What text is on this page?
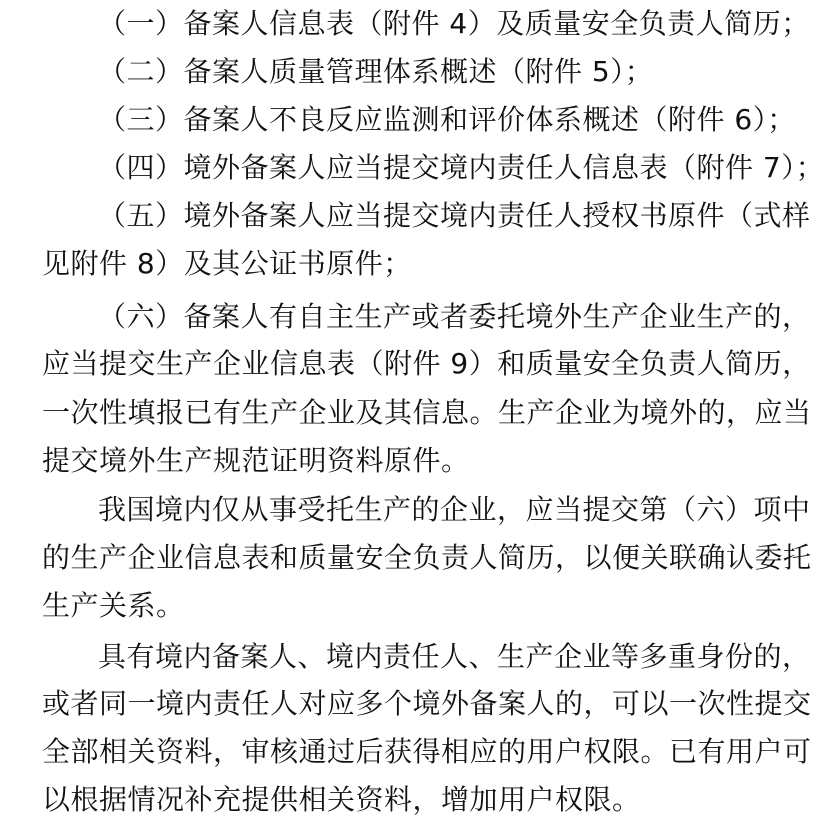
（一）备案人信息表（附件 4）及质量安全负责人简历；
（二）备案人质量管理体系概述（附件 5）；
（三）备案人不良反应监测和评价体系概述（附件 6）；
（四）境外备案人应当提交境内责任人信息表（附件 7）；
（五）境外备案人应当提交境内责任人授权书原件（式样
见附件 8）及其公证书原件；
（六）备案人有自主生产或者委托境外生产企业生产的，
应当提交生产企业信息表（附件 9）和质量安全负责人简历，
一次性填报已有生产企业及其信息。生产企业为境外的，应当
提交境外生产规范证明资料原件。
我国境内仅从事受托生产的企业，应当提交第（六）项中
的生产企业信息表和质量安全负责人简历，以便关联确认委托
生产关系。
具有境内备案人、境内责任人、生产企业等多重身份的，
或者同一境内责任人对应多个境外备案人的，可以一次性提交
全部相关资料，审核通过后获得相应的用户权限。已有用户可
以根据情况补充提供相关资料，增加用户权限。
